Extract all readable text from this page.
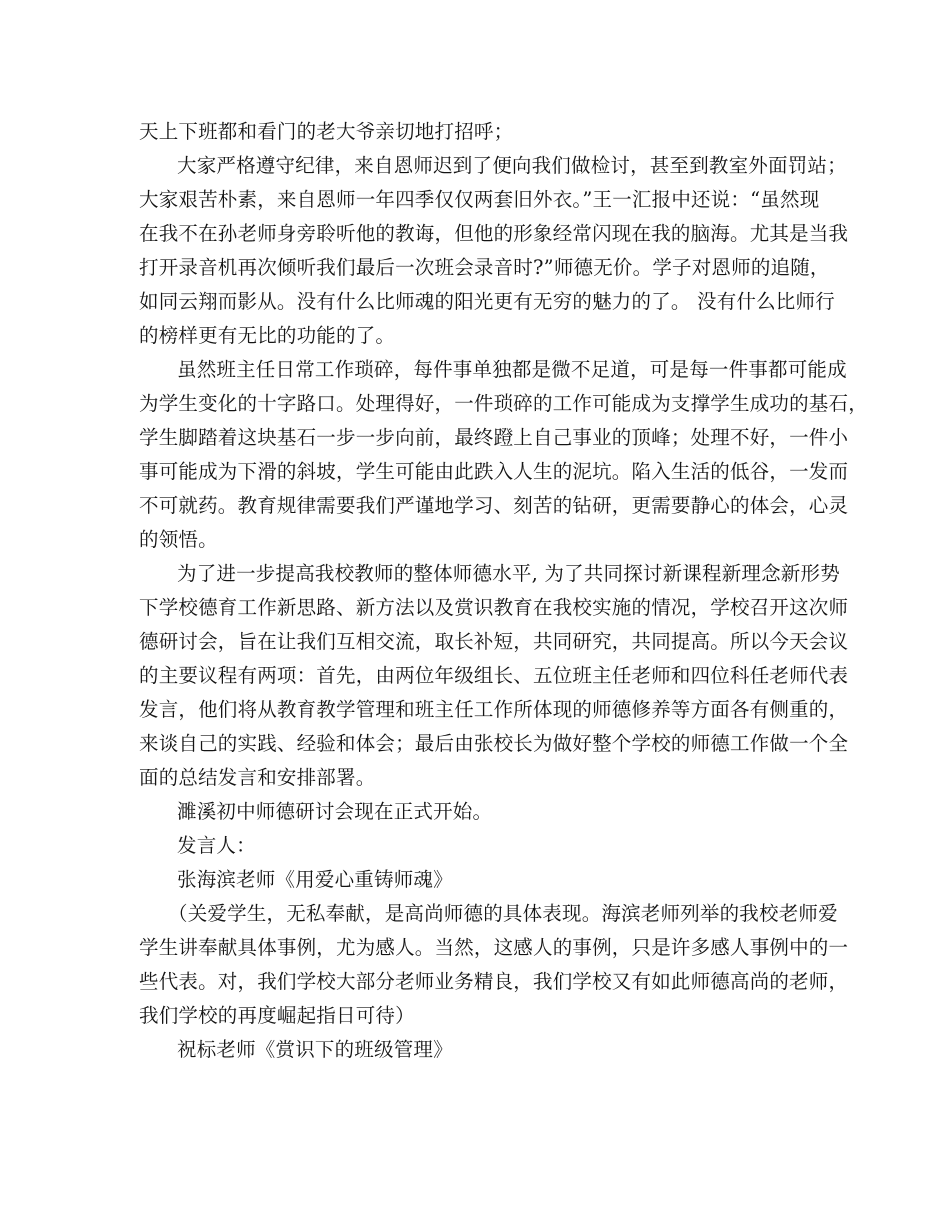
天上下班都和看门的老大爷亲切地打招呼；
大家严格遵守纪律，来自恩师迟到了便向我们做检讨，甚至到教室外面罚站；
大家艰苦朴素，来自恩师一年四季仅仅两套旧外衣。”王一汇报中还说：“虽然现
在我不在孙老师身旁聆听他的教诲，但他的形象经常闪现在我的脑海。尤其是当我
打开录音机再次倾听我们最后一次班会录音时?”师德无价。学子对恩师的追随，
如同云翔而影从。没有什么比师魂的阳光更有无穷的魅力的了。 没有什么比师行
的榜样更有无比的功能的了。
虽然班主任日常工作琐碎，每件事单独都是微不足道，可是每一件事都可能成
为学生变化的十字路口。处理得好，一件琐碎的工作可能成为支撑学生成功的基石，
学生脚踏着这块基石一步一步向前，最终蹬上自己事业的顶峰；处理不好，一件小
事可能成为下滑的斜坡，学生可能由此跌入人生的泥坑。陷入生活的低谷，一发而
不可就药。教育规律需要我们严谨地学习、刻苦的钻研，更需要静心的体会，心灵
的领悟。
为了进一步提高我校教师的整体师德水平, 为了共同探讨新课程新理念新形势
下学校德育工作新思路、新方法以及赏识教育在我校实施的情况，学校召开这次师
德研讨会，旨在让我们互相交流，取长补短，共同研究，共同提高。所以今天会议
的主要议程有两项：首先，由两位年级组长、五位班主任老师和四位科任老师代表
发言，他们将从教育教学管理和班主任工作所体现的师德修养等方面各有侧重的，
来谈自己的实践、经验和体会；最后由张校长为做好整个学校的师德工作做一个全
面的总结发言和安排部署。
濉溪初中师德研讨会现在正式开始。
发言人：
张海滨老师《用爱心重铸师魂》
（关爱学生，无私奉献，是高尚师德的具体表现。海滨老师列举的我校老师爱
学生讲奉献具体事例，尤为感人。当然，这感人的事例，只是许多感人事例中的一
些代表。对，我们学校大部分老师业务精良，我们学校又有如此师德高尚的老师，
我们学校的再度崛起指日可待）
祝标老师《赏识下的班级管理》
